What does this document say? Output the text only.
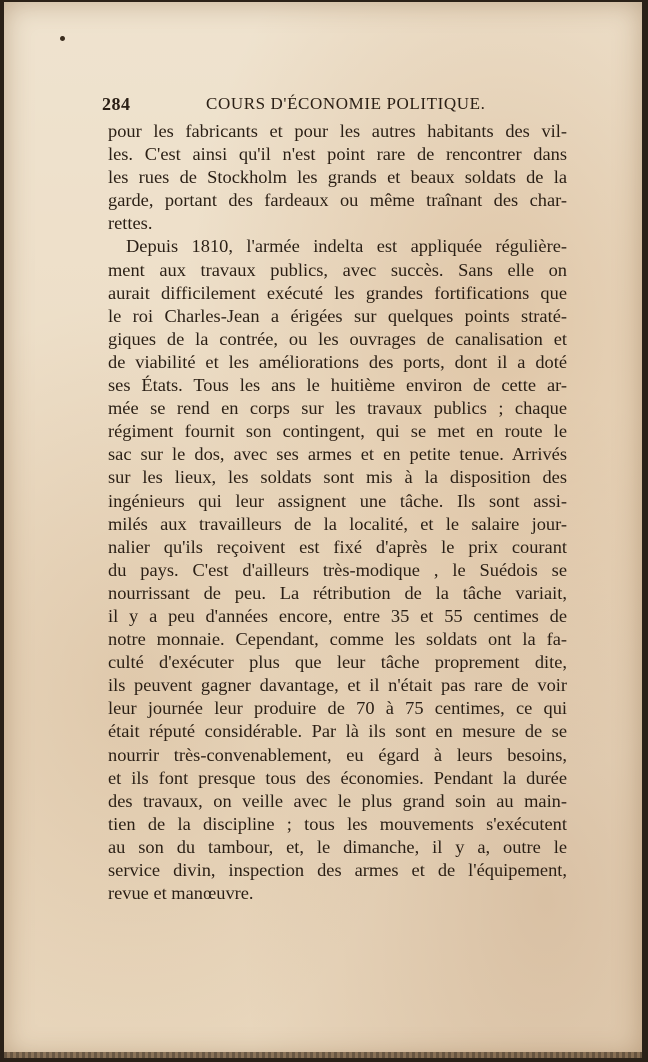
284	COURS D'ÉCONOMIE POLITIQUE.
pour les fabricants et pour les autres habitants des vil-
les. C'est ainsi qu'il n'est point rare de rencontrer dans
les rues de Stockholm les grands et beaux soldats de la
garde, portant des fardeaux ou même traînant des char-
rettes.
Depuis 1810, l'armée indelta est appliquée régulière-
ment aux travaux publics, avec succès. Sans elle on
aurait difficilement exécuté les grandes fortifications que
le roi Charles-Jean a érigées sur quelques points straté-
giques de la contrée, ou les ouvrages de canalisation et
de viabilité et les améliorations des ports, dont il a doté
ses États. Tous les ans le huitième environ de cette ar-
mée se rend en corps sur les travaux publics ; chaque
régiment fournit son contingent, qui se met en route le
sac sur le dos, avec ses armes et en petite tenue. Arrivés
sur les lieux, les soldats sont mis à la disposition des
ingénieurs qui leur assignent une tâche. Ils sont assi-
milés aux travailleurs de la localité, et le salaire jour-
nalier qu'ils reçoivent est fixé d'après le prix courant
du pays. C'est d'ailleurs très-modique , le Suédois se
nourrissant de peu. La rétribution de la tâche variait,
il y a peu d'années encore, entre 35 et 55 centimes de
notre monnaie. Cependant, comme les soldats ont la fa-
culté d'exécuter plus que leur tâche proprement dite,
ils peuvent gagner davantage, et il n'était pas rare de voir
leur journée leur produire de 70 à 75 centimes, ce qui
était réputé considérable. Par là ils sont en mesure de se
nourrir très-convenablement, eu égard à leurs besoins,
et ils font presque tous des économies. Pendant la durée
des travaux, on veille avec le plus grand soin au main-
tien de la discipline ; tous les mouvements s'exécutent
au son du tambour, et, le dimanche, il y a, outre le
service divin, inspection des armes et de l'équipement,
revue et manœuvre.
